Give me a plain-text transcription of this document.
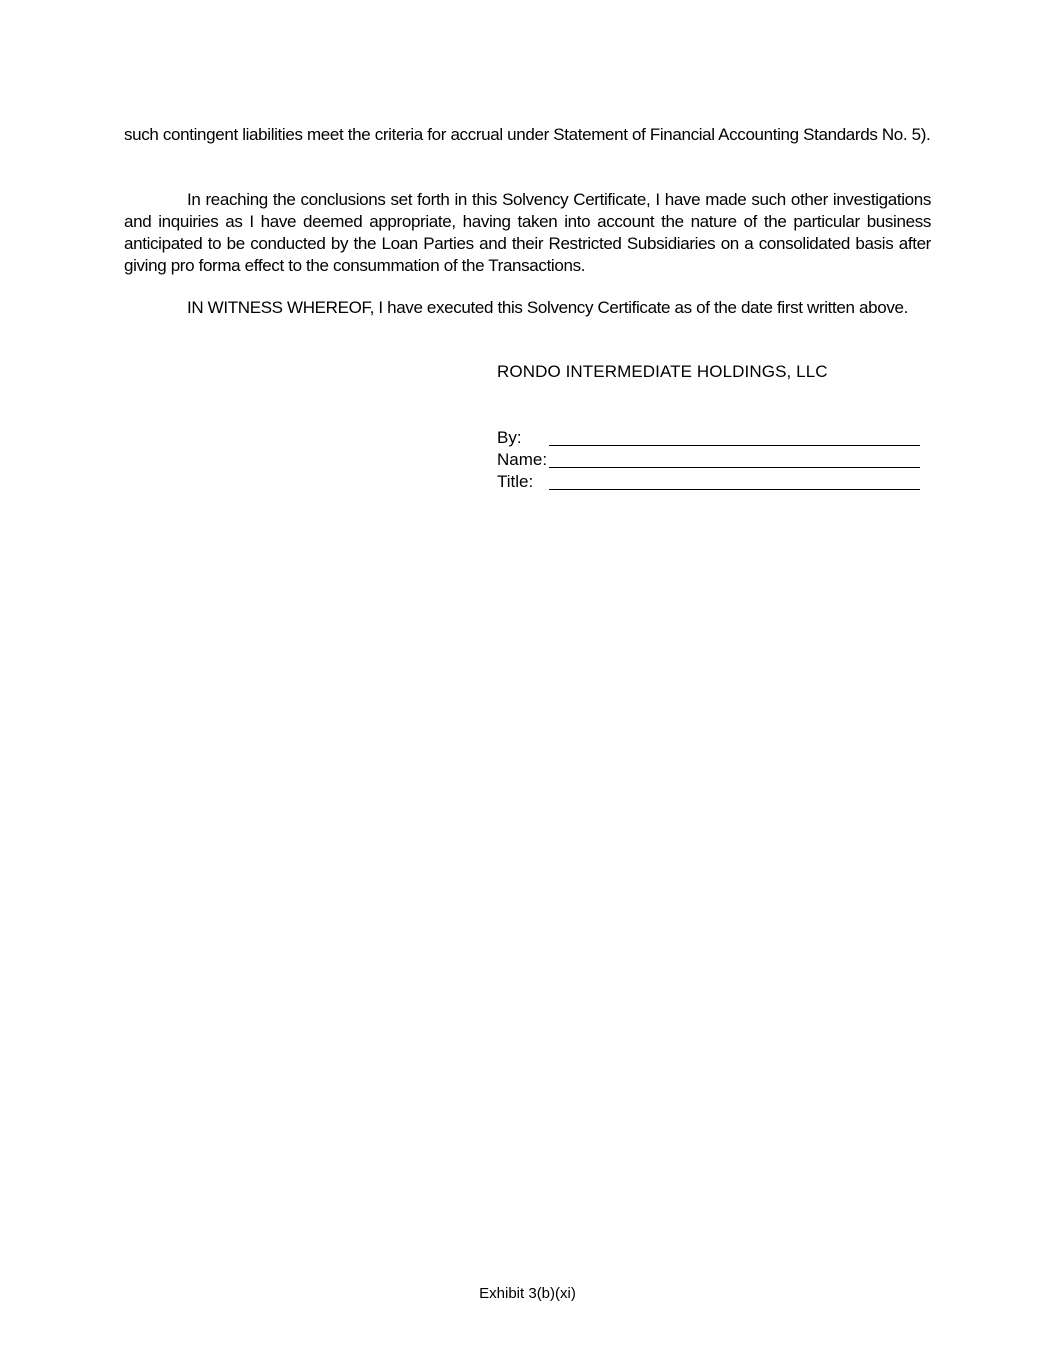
such contingent liabilities meet the criteria for accrual under Statement of Financial Accounting Standards No. 5).

In reaching the conclusions set forth in this Solvency Certificate, I have made such other investigations and inquiries as I have deemed appropriate, having taken into account the nature of the particular business anticipated to be conducted by the Loan Parties and their Restricted Subsidiaries on a consolidated basis after giving pro forma effect to the consummation of the Transactions.

IN WITNESS WHEREOF, I have executed this Solvency Certificate as of the date first written above.

RONDO INTERMEDIATE HOLDINGS, LLC

By:
Name:
Title:

Exhibit 3(b)(xi)
